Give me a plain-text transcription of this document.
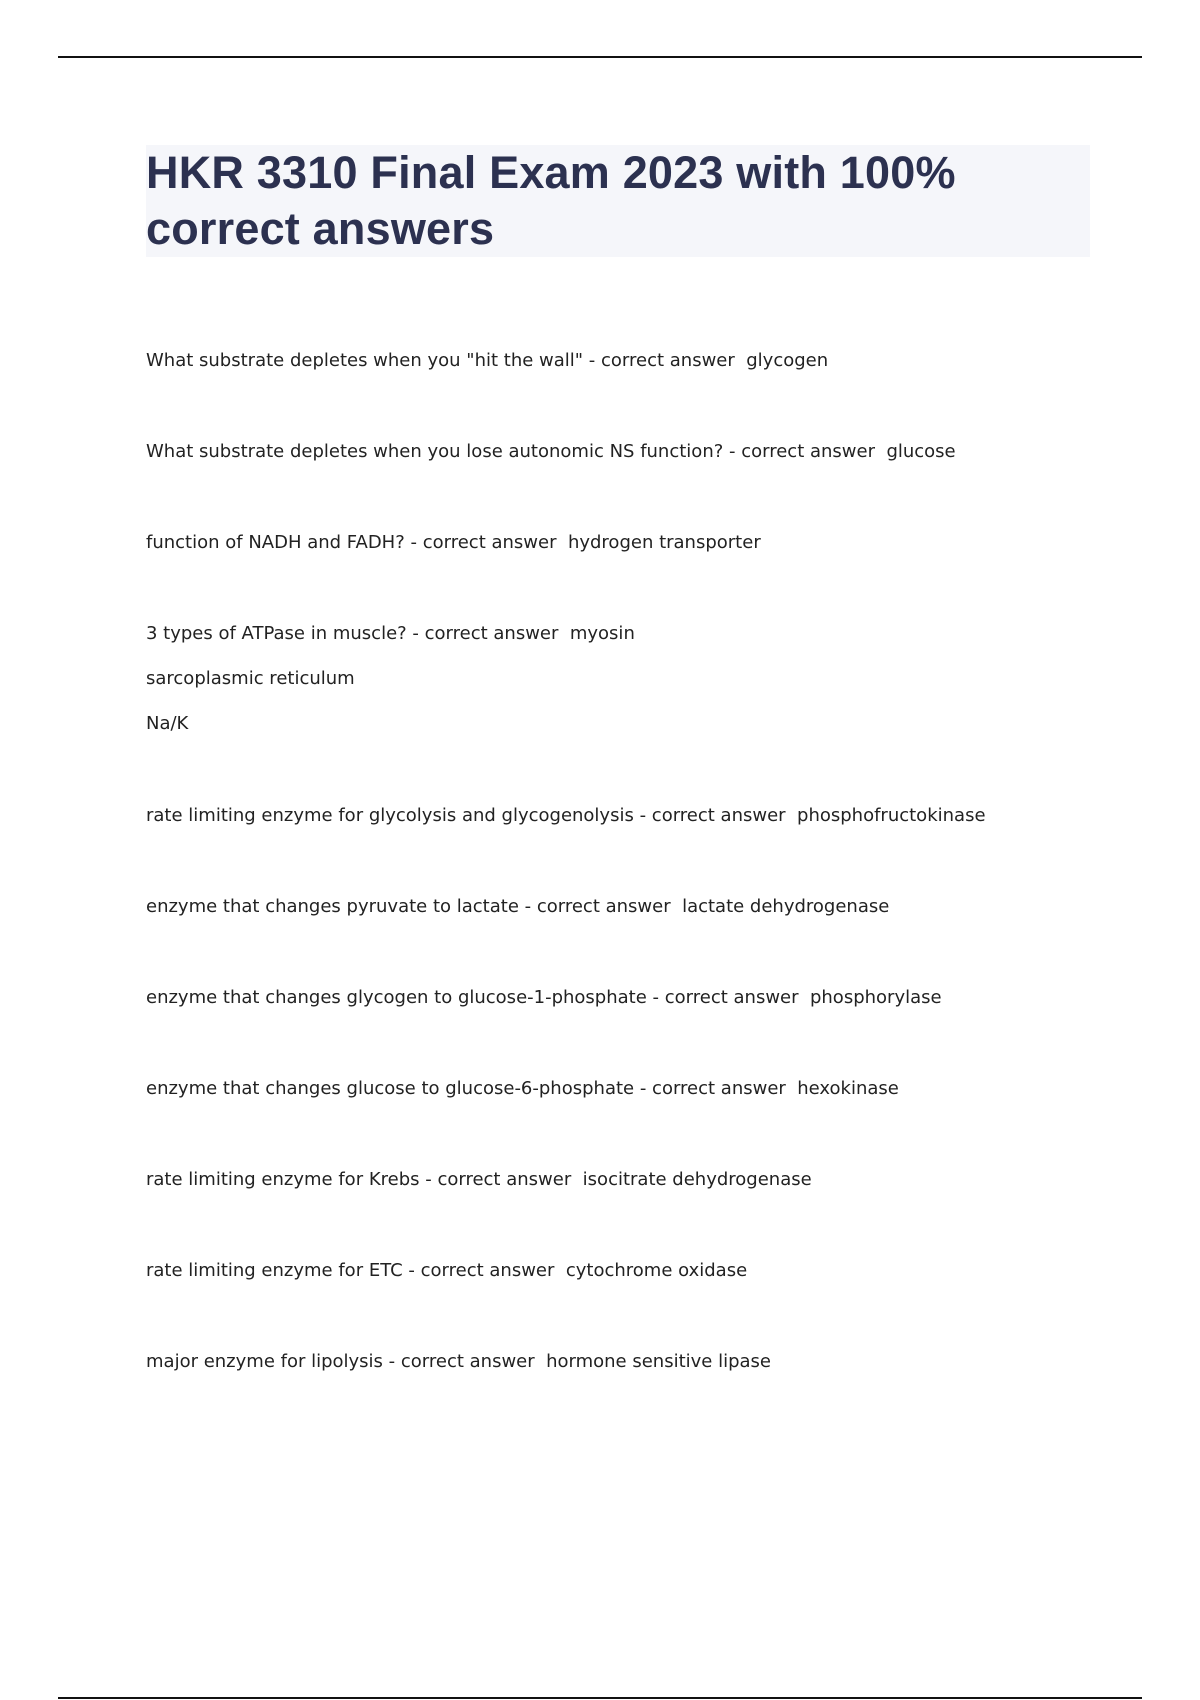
HKR 3310 Final Exam 2023 with 100% correct answers
What substrate depletes when you "hit the wall" - correct answer  glycogen
What substrate depletes when you lose autonomic NS function? - correct answer  glucose
function of NADH and FADH? - correct answer  hydrogen transporter
3 types of ATPase in muscle? - correct answer  myosin
sarcoplasmic reticulum
Na/K
rate limiting enzyme for glycolysis and glycogenolysis - correct answer  phosphofructokinase
enzyme that changes pyruvate to lactate - correct answer  lactate dehydrogenase
enzyme that changes glycogen to glucose-1-phosphate - correct answer  phosphorylase
enzyme that changes glucose to glucose-6-phosphate - correct answer  hexokinase
rate limiting enzyme for Krebs - correct answer  isocitrate dehydrogenase
rate limiting enzyme for ETC - correct answer  cytochrome oxidase
major enzyme for lipolysis - correct answer  hormone sensitive lipase
